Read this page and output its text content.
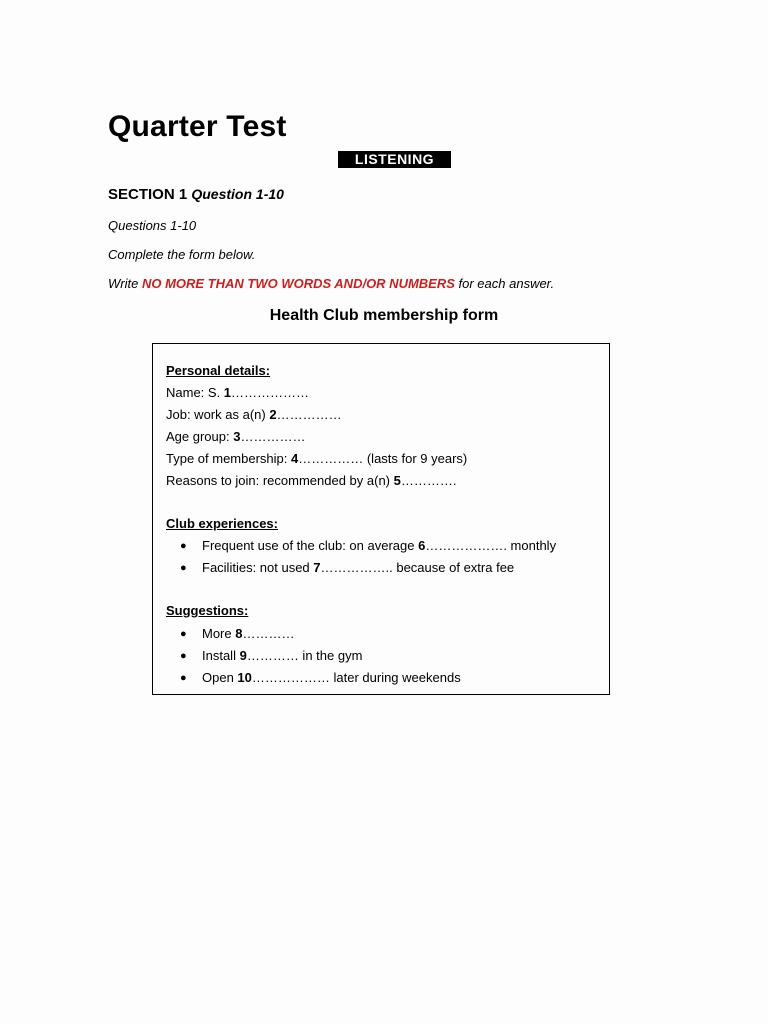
Quarter Test
LISTENING
SECTION 1 Question 1-10
Questions 1-10
Complete the form below.
Write NO MORE THAN TWO WORDS AND/OR NUMBERS for each answer.
Health Club membership form
Personal details:
Name: S. 1………………
Job: work as a(n) 2……………
Age group: 3……………
Type of membership: 4…………… (lasts for 9 years)
Reasons to join: recommended by a(n) 5………….
Club experiences:
● Frequent use of the club: on average 6………………. monthly
● Facilities: not used 7…………….. because of extra fee
Suggestions:
● More 8…………
● Install 9………… in the gym
● Open 10……………… later during weekends
